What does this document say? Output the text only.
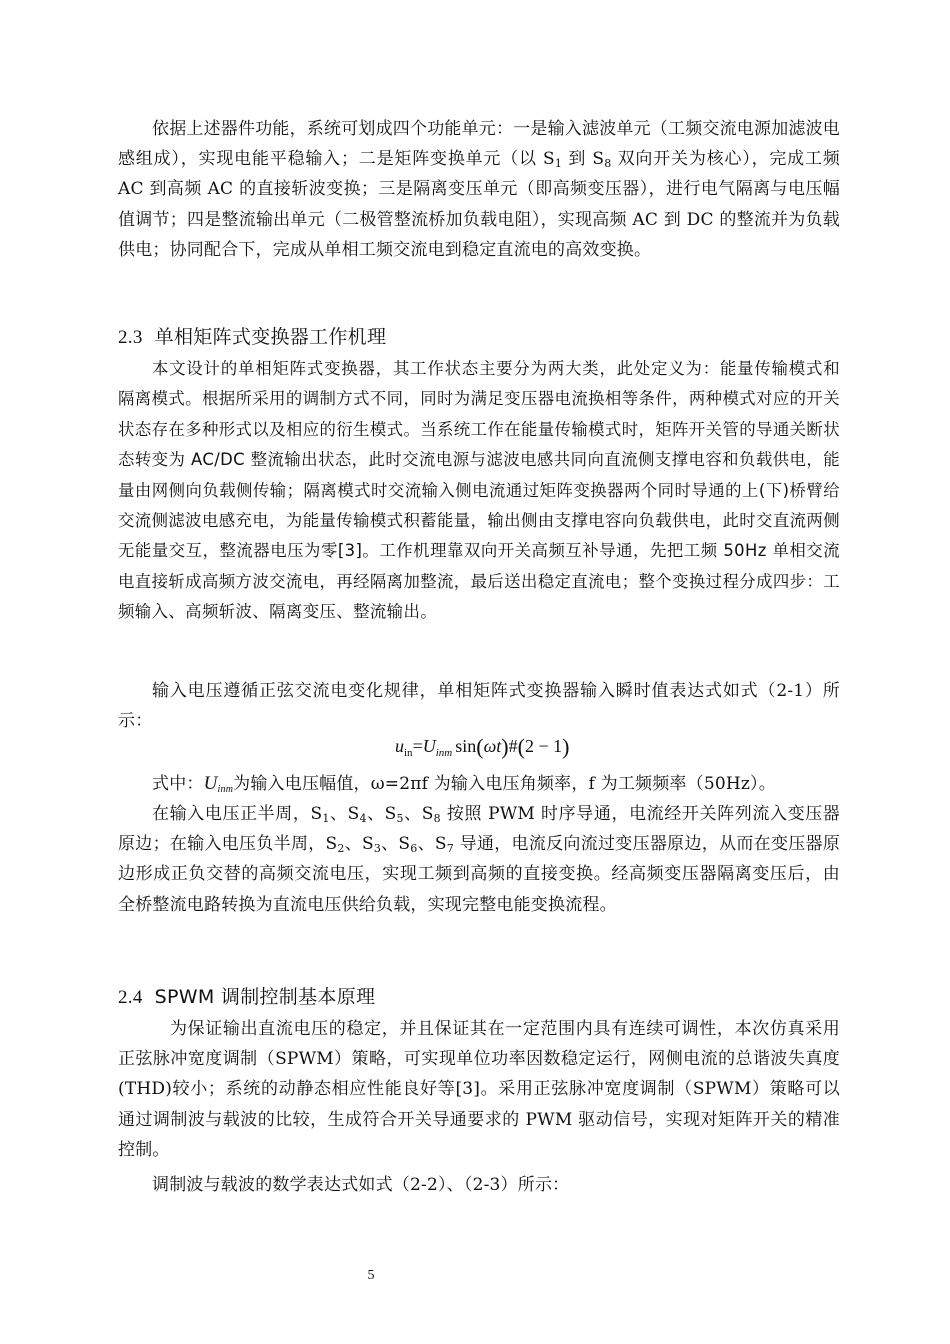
依据上述器件功能，系统可划成四个功能单元：一是输入滤波单元（工频交流电源加滤波电感组成），实现电能平稳输入；二是矩阵变换单元（以 $S_1$ 到 $S_8$ 双向开关为核心），完成工频 AC 到高频 AC 的直接斩波变换；三是隔离变压单元（即高频变压器），进行电气隔离与电压幅值调节；四是整流输出单元（二极管整流桥加负载电阻），实现高频 AC 到 DC 的整流并为负载供电；协同配合下，完成从单相工频交流电到稳定直流电的高效变换。
2.3 单相矩阵式变换器工作机理
本文设计的单相矩阵式变换器，其工作状态主要分为两大类，此处定义为：能量传输模式和隔离模式。根据所采用的调制方式不同，同时为满足变压器电流换相等条件，两种模式对应的开关状态存在多种形式以及相应的衍生模式。当系统工作在能量传输模式时，矩阵开关管的导通关断状态转变为 AC/DC 整流输出状态，此时交流电源与滤波电感共同向直流侧支撑电容和负载供电，能量由网侧向负载侧传输；隔离模式时交流输入侧电流通过矩阵变换器两个同时导通的上(下)桥臂给交流侧滤波电感充电，为能量传输模式积蓄能量，输出侧由支撑电容向负载供电，此时交直流两侧无能量交互，整流器电压为零[3]。工作机理靠双向开关高频互补导通，先把工频 50Hz 单相交流电直接斩成高频方波交流电，再经隔离加整流，最后送出稳定直流电；整个变换过程分成四步：工频输入、高频斩波、隔离变压、整流输出。
输入电压遵循正弦交流电变化规律，单相矩阵式变换器输入瞬时值表达式如式（2-1）所示：
$u_{in}=U_{inm}$ sin(ωt)#(2 − 1)
式中：$U_{inm}$为输入电压幅值，ω=2πf 为输入电压角频率，f 为工频频率（50Hz）。
在输入电压正半周，$S_1$、$S_4$、$S_5$、$S_8$ 按照 PWM 时序导通，电流经开关阵列流入变压器原边；在输入电压负半周，$S_2$、$S_3$、$S_6$、$S_7$ 导通，电流反向流过变压器原边，从而在变压器原边形成正负交替的高频交流电压，实现工频到高频的直接变换。经高频变压器隔离变压后，由全桥整流电路转换为直流电压供给负载，实现完整电能变换流程。
2.4 SPWM 调制控制基本原理
为保证输出直流电压的稳定，并且保证其在一定范围内具有连续可调性，本次仿真采用正弦脉冲宽度调制（SPWM）策略，可实现单位功率因数稳定运行，网侧电流的总谐波失真度(THD)较小；系统的动静态相应性能良好等[3]。采用正弦脉冲宽度调制（SPWM）策略可以通过调制波与载波的比较，生成符合开关导通要求的 PWM 驱动信号，实现对矩阵开关的精准控制。
调制波与载波的数学表达式如式（2-2）、（2-3）所示：
5
